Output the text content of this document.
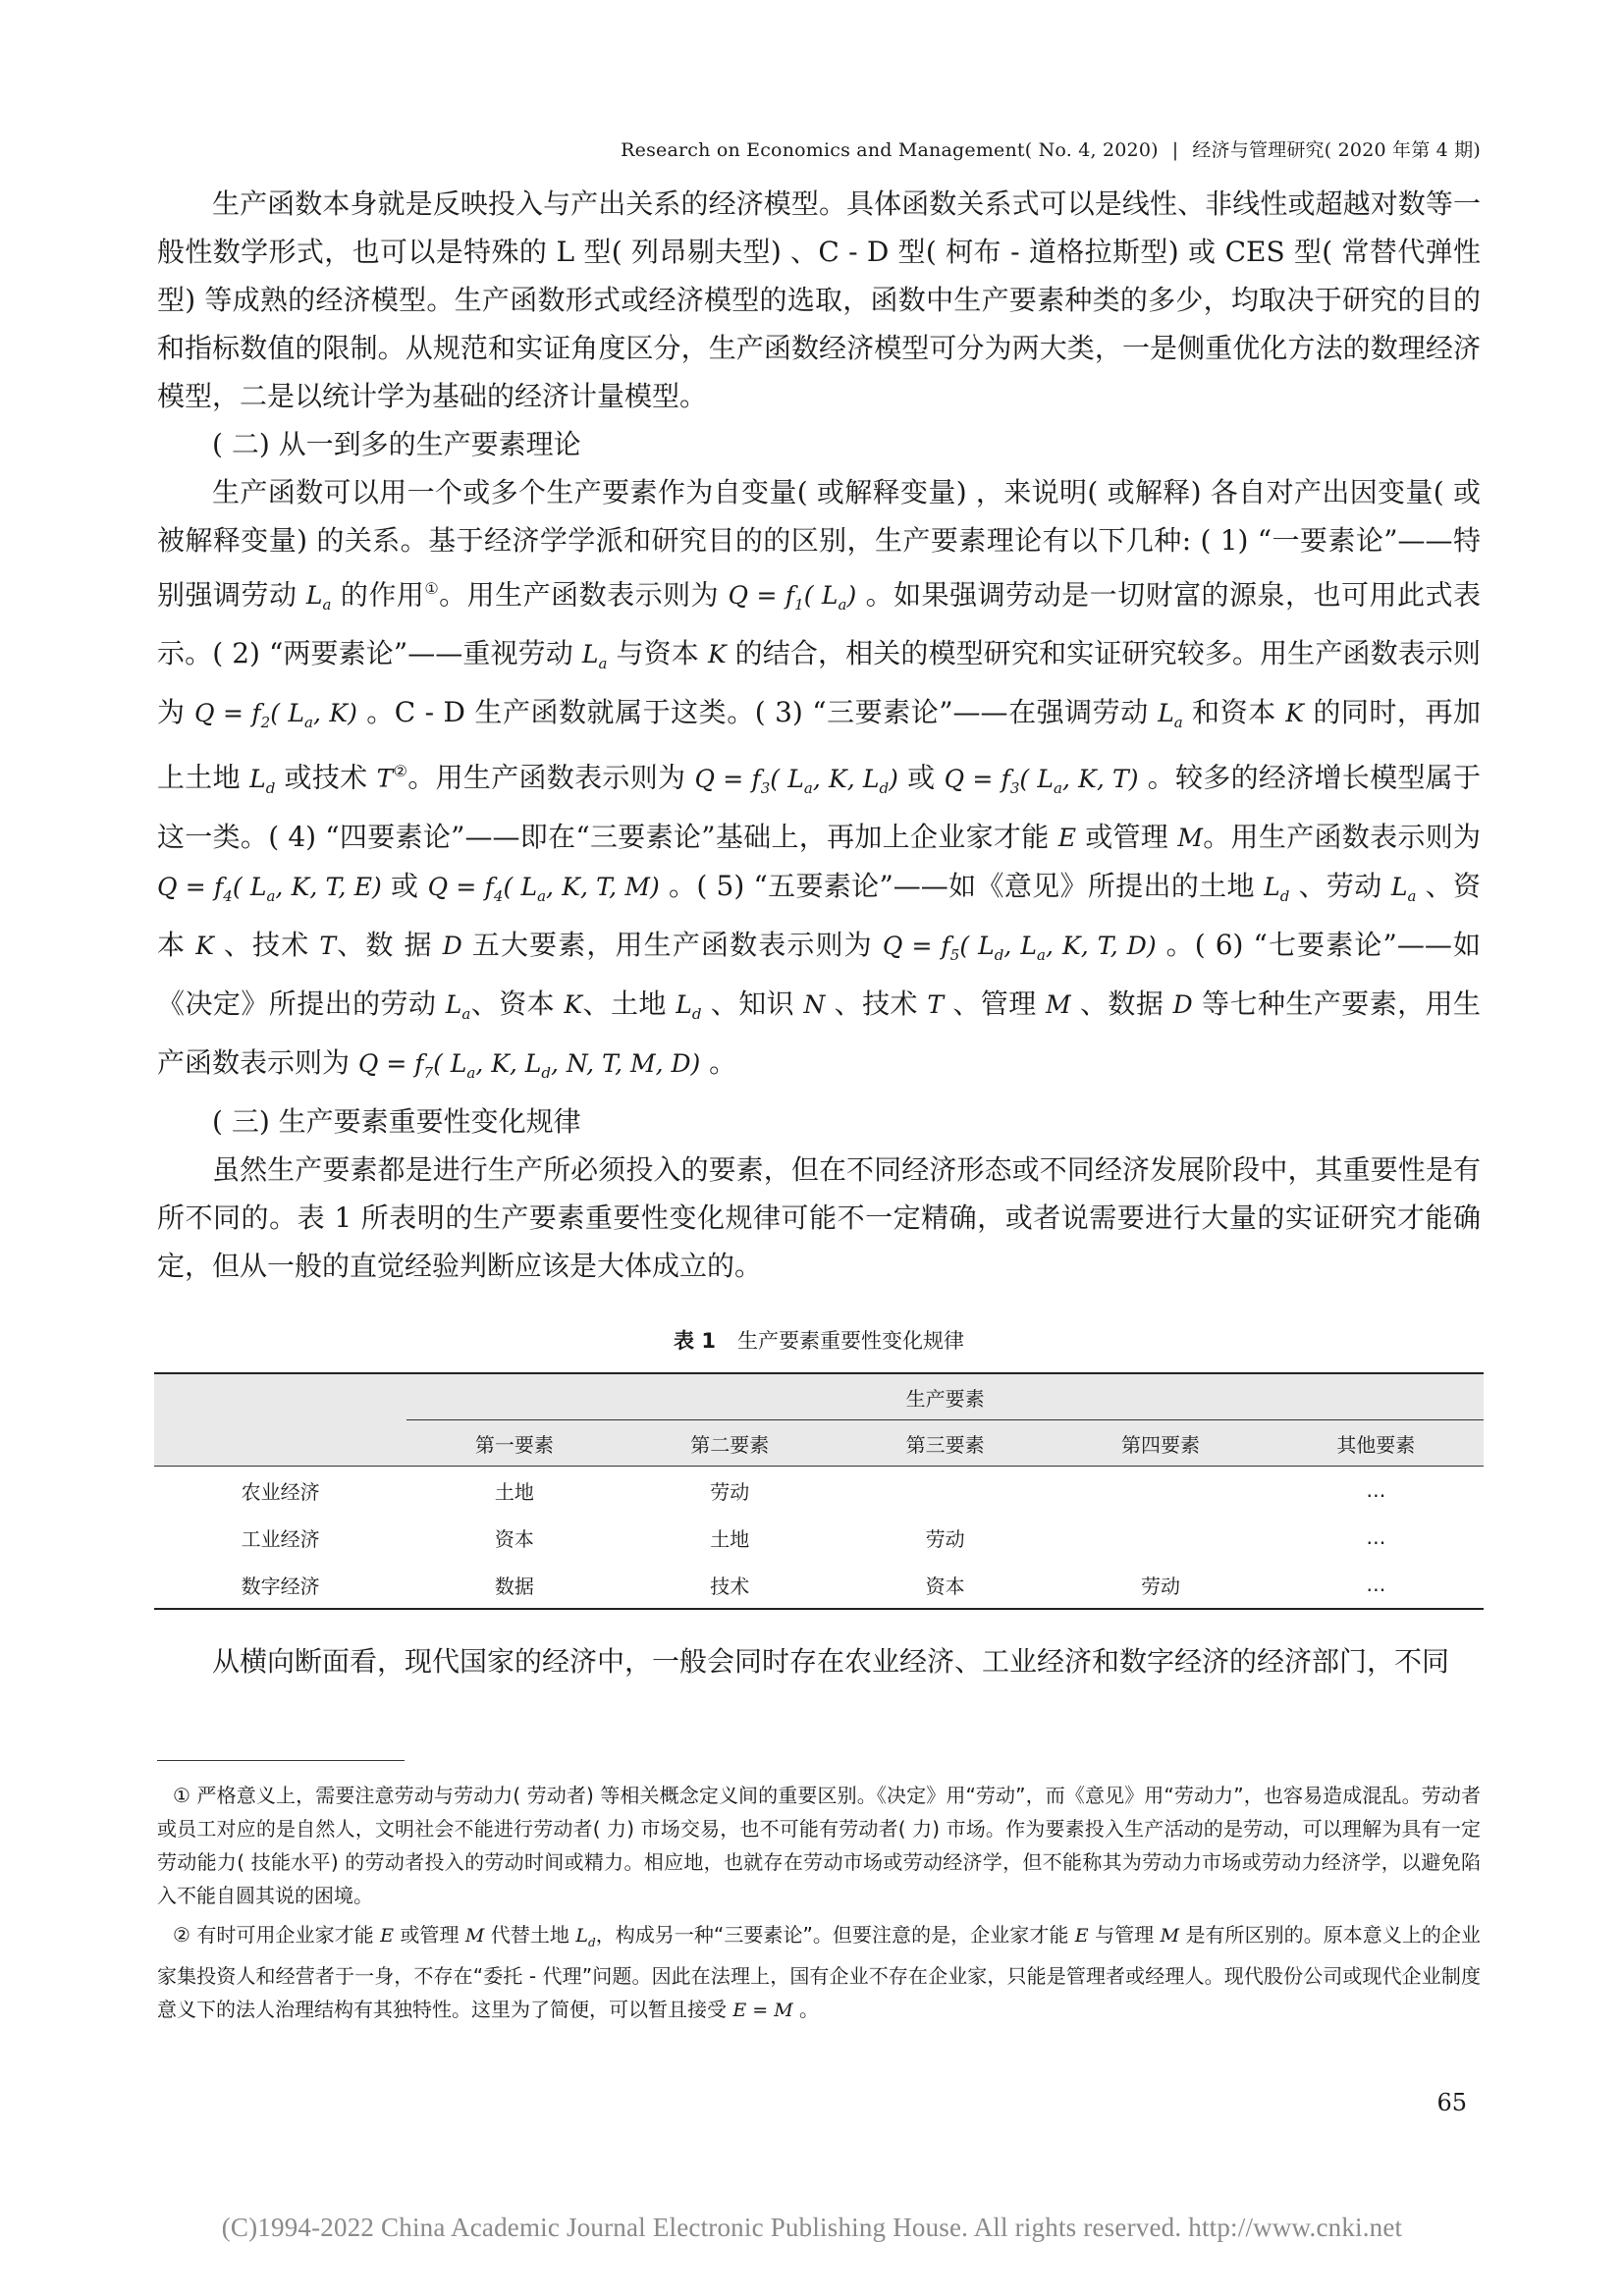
Research on Economics and Management( No. 4, 2020) | 经济与管理研究( 2020 年第 4 期)

生产函数本身就是反映投入与产出关系的经济模型。具体函数关系式可以是线性、非线性或超越对数等一般性数学形式，也可以是特殊的 L 型( 列昂剔夫型) 、C - D 型( 柯布 - 道格拉斯型) 或 CES 型( 常替代弹性型) 等成熟的经济模型。生产函数形式或经济模型的选取，函数中生产要素种类的多少，均取决于研究的目的和指标数值的限制。从规范和实证角度区分，生产函数经济模型可分为两大类，一是侧重优化方法的数理经济模型，二是以统计学为基础的经济计量模型。

( 二) 从一到多的生产要素理论

生产函数可以用一个或多个生产要素作为自变量( 或解释变量) ，来说明( 或解释) 各自对产出因变量( 或被解释变量) 的关系。基于经济学学派和研究目的的区别，生产要素理论有以下几种: ( 1) “一要素论”——特别强调劳动 $L_a$ 的作用①。用生产函数表示则为 $Q = f_1$( $L_a$) 。如果强调劳动是一切财富的源泉，也可用此式表示。( 2) “两要素论”——重视劳动 $L_a$ 与资本 K 的结合，相关的模型研究和实证研究较多。用生产函数表示则为 $Q = f_2$( $L_a$, K) 。C - D 生产函数就属于这类。( 3) “三要素论”——在强调劳动 $L_a$ 和资本 K 的同时，再加上土地 $L_d$ 或技术 T②。用生产函数表示则为 $Q = f_3$( $L_a$, K, $L_d$) 或 $Q = f_3$( $L_a$, K, T) 。较多的经济增长模型属于这一类。( 4) “四要素论”——即在“三要素论”基础上，再加上企业家才能 E 或管理 M。用生产函数表示则为 $Q = f_4$( $L_a$, K, T, E) 或 $Q = f_4$( $L_a$, K, T, M) 。( 5) “五要素论”——如《意见》所提出的土地 $L_d$ 、劳动 $L_a$ 、资本 K 、技术 T、数 据 D 五大要素，用生产函数表示则为 $Q = f_5$( $L_d$, $L_a$, K, T, D) 。( 6) “七要素论”——如《决定》所提出的劳动 $L_a$、资本 K、土地 $L_d$ 、知识 N 、技术 T 、管理 M 、数据 D 等七种生产要素，用生产函数表示则为 $Q = f_7$( $L_a$, K, $L_d$, N, T, M, D) 。

( 三) 生产要素重要性变化规律

虽然生产要素都是进行生产所必须投入的要素，但在不同经济形态或不同经济发展阶段中，其重要性是有所不同的。表 1 所表明的生产要素重要性变化规律可能不一定精确，或者说需要进行大量的实证研究才能确定，但从一般的直觉经验判断应该是大体成立的。

表 1 生产要素重要性变化规律
	生产要素				
	第一要素	第二要素	第三要素	第四要素	其他要素
农业经济	土地	劳动			…
工业经济	资本	土地	劳动		…
数字经济	数据	技术	资本	劳动	…

从横向断面看，现代国家的经济中，一般会同时存在农业经济、工业经济和数字经济的经济部门，不同

① 严格意义上，需要注意劳动与劳动力( 劳动者) 等相关概念定义间的重要区别。《决定》用“劳动”，而《意见》用“劳动力”，也容易造成混乱。劳动者或员工对应的是自然人，文明社会不能进行劳动者( 力) 市场交易，也不可能有劳动者( 力) 市场。作为要素投入生产活动的是劳动，可以理解为具有一定劳动能力( 技能水平) 的劳动者投入的劳动时间或精力。相应地，也就存在劳动市场或劳动经济学，但不能称其为劳动力市场或劳动力经济学，以避免陷入不能自圆其说的困境。

② 有时可用企业家才能 E 或管理 M 代替土地 $L_d$，构成另一种“三要素论”。但要注意的是，企业家才能 E 与管理 M 是有所区别的。原本意义上的企业家集投资人和经营者于一身，不存在“委托 - 代理”问题。因此在法理上，国有企业不存在企业家，只能是管理者或经理人。现代股份公司或现代企业制度意义下的法人治理结构有其独特性。这里为了简便，可以暂且接受 E = M 。

65
(C)1994-2022 China Academic Journal Electronic Publishing House. All rights reserved. http://www.cnki.net
